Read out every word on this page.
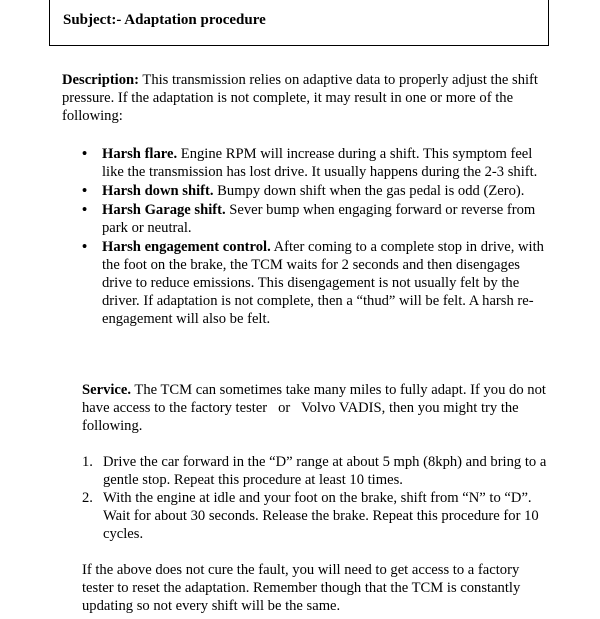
Subject:- Adaptation procedure

Description: This transmission relies on adaptive data to properly adjust the shift pressure. If the adaptation is not complete, it may result in one or more of the following:

• Harsh flare. Engine RPM will increase during a shift. This symptom feel like the transmission has lost drive. It usually happens during the 2-3 shift.
• Harsh down shift. Bumpy down shift when the gas pedal is odd (Zero).
• Harsh Garage shift. Sever bump when engaging forward or reverse from park or neutral.
• Harsh engagement control. After coming to a complete stop in drive, with the foot on the brake, the TCM waits for 2 seconds and then disengages drive to reduce emissions. This disengagement is not usually felt by the driver. If adaptation is not complete, then a “thud” will be felt. A harsh re-engagement will also be felt.

Service. The TCM can sometimes take many miles to fully adapt. If you do not have access to the factory tester   or   Volvo VADIS, then you might try the following.

1. Drive the car forward in the “D” range at about 5 mph (8kph) and bring to a gentle stop. Repeat this procedure at least 10 times.
2. With the engine at idle and your foot on the brake, shift from “N” to “D”. Wait for about 30 seconds. Release the brake. Repeat this procedure for 10 cycles.

If the above does not cure the fault, you will need to get access to a factory tester to reset the adaptation. Remember though that the TCM is constantly updating so not every shift will be the same.
